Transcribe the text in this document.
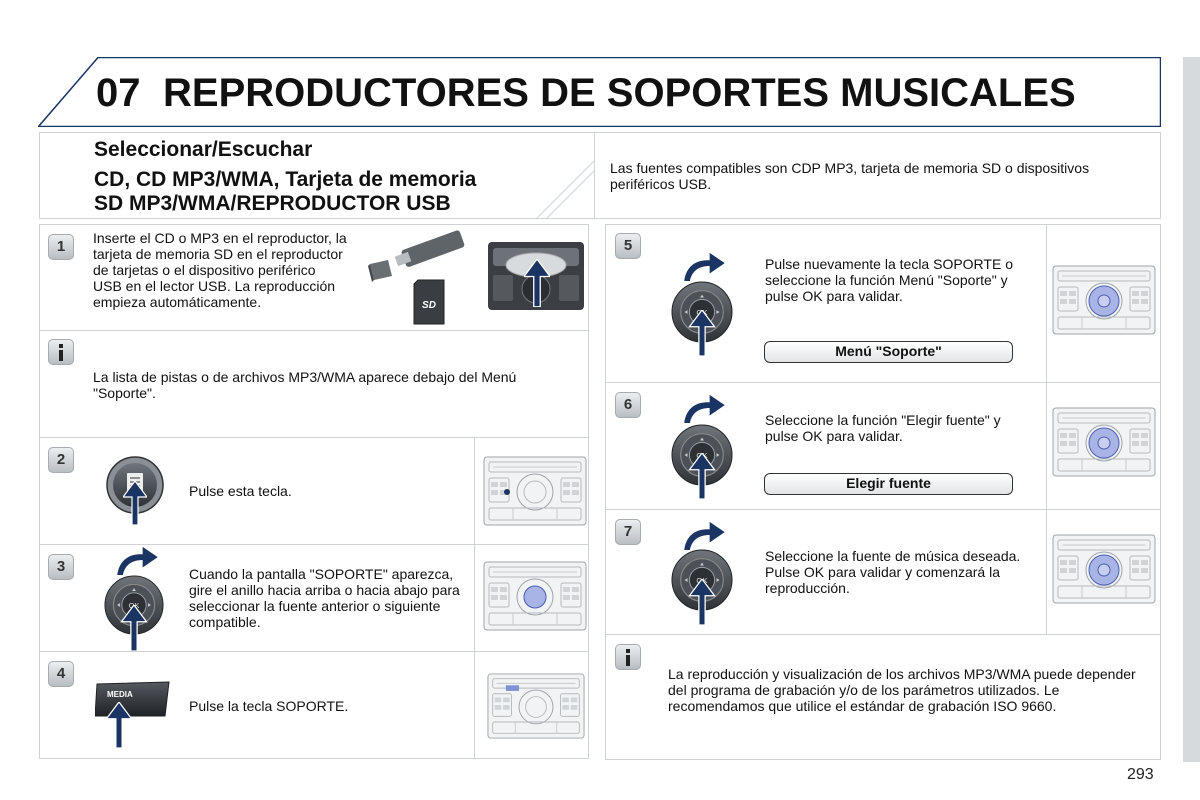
07 REPRODUCTORES DE SOPORTES MUSICALES
Seleccionar/Escuchar
CD, CD MP3/WMA, Tarjeta de memoria
SD MP3/WMA/REPRODUCTOR USB
Las fuentes compatibles son CDP MP3, tarjeta de memoria SD o dispositivos periféricos USB.
1	Inserte el CD o MP3 en el reproductor, la tarjeta de memoria SD en el reproductor de tarjetas o el dispositivo periférico USB en el lector USB. La reproducción empieza automáticamente.	SD
La lista de pistas o de archivos MP3/WMA aparece debajo del Menú "Soporte".
2
Pulse esta tecla.
3	Cuando la pantalla "SOPORTE" aparezca, gire el anillo hacia arriba o hacia abajo para seleccionar la fuente anterior o siguiente compatible.
4
MEDIA
Pulse la tecla SOPORTE.
5
Pulse nuevamente la tecla SOPORTE o seleccione la función Menú "Soporte" y pulse OK para validar.
Menú "Soporte"
6
Seleccione la función "Elegir fuente" y pulse OK para validar.
Elegir fuente
7
Seleccione la fuente de música deseada. Pulse OK para validar y comenzará la reproducción.
La reproducción y visualización de los archivos MP3/WMA puede depender del programa de grabación y/o de los parámetros utilizados. Le recomendamos que utilice el estándar de grabación ISO 9660.
293
